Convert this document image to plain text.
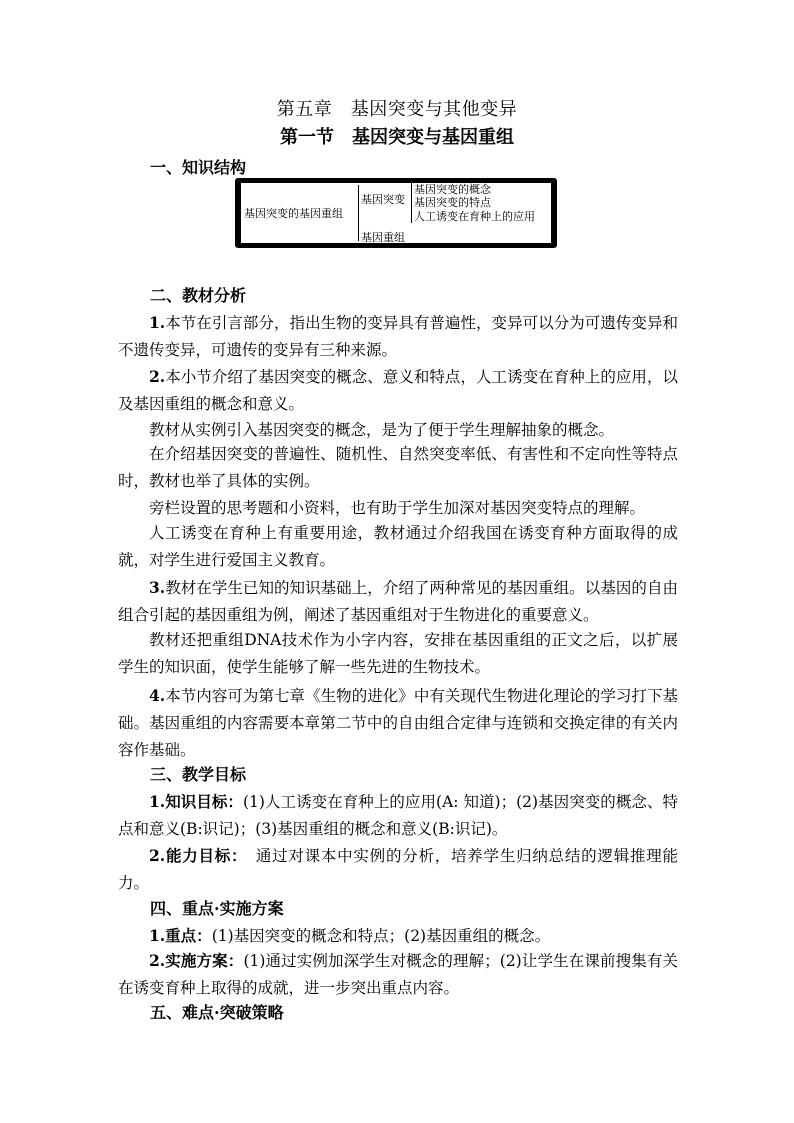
第五章　基因突变与其他变异
第一节　基因突变与基因重组
一、知识结构
基因突变的基因重组
基因突变
基因突变的概念
基因突变的特点
人工诱变在育种上的应用
基因重组
二、教材分析

1.本节在引言部分，指出生物的变异具有普遍性，变异可以分为可遗传变异和不遗传变异，可遗传的变异有三种来源。

2.本小节介绍了基因突变的概念、意义和特点，人工诱变在育种上的应用，以及基因重组的概念和意义。

教材从实例引入基因突变的概念，是为了便于学生理解抽象的概念。

在介绍基因突变的普遍性、随机性、自然突变率低、有害性和不定向性等特点时，教材也举了具体的实例。

旁栏设置的思考题和小资料，也有助于学生加深对基因突变特点的理解。

人工诱变在育种上有重要用途，教材通过介绍我国在诱变育种方面取得的成就，对学生进行爱国主义教育。

3.教材在学生已知的知识基础上，介绍了两种常见的基因重组。以基因的自由组合引起的基因重组为例，阐述了基因重组对于生物进化的重要意义。

教材还把重组DNA技术作为小字内容，安排在基因重组的正文之后，以扩展学生的知识面，使学生能够了解一些先进的生物技术。

4.本节内容可为第七章《生物的进化》中有关现代生物进化理论的学习打下基础。基因重组的内容需要本章第二节中的自由组合定律与连锁和交换定律的有关内容作基础。

三、教学目标

1.知识目标：(1)人工诱变在育种上的应用(A: 知道)；(2)基因突变的概念、特点和意义(B:识记)；(3)基因重组的概念和意义(B:识记)。

2.能力目标：　通过对课本中实例的分析，培养学生归纳总结的逻辑推理能力。

四、重点·实施方案

1.重点：(1)基因突变的概念和特点；(2)基因重组的概念。

2.实施方案：(1)通过实例加深学生对概念的理解；(2)让学生在课前搜集有关在诱变育种上取得的成就，进一步突出重点内容。

五、难点·突破策略
